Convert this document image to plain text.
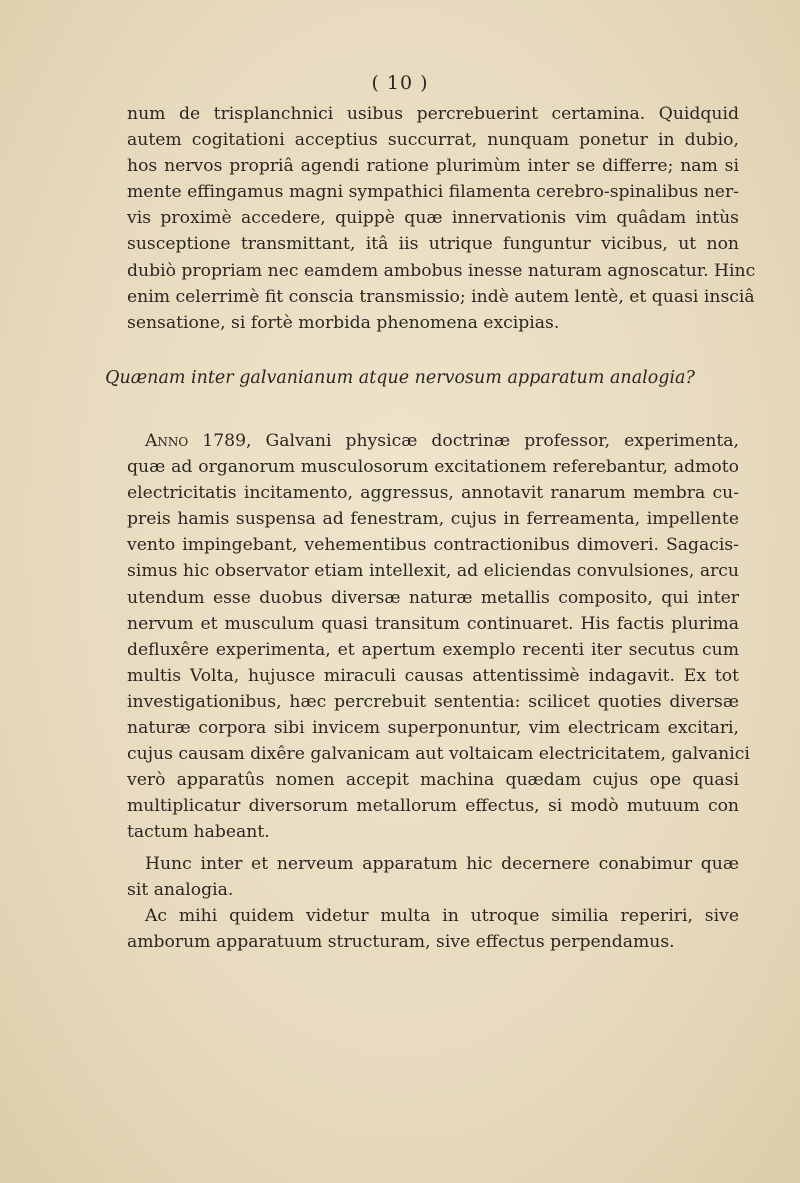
( 10 )
num de trisplanchnici usibus percrebuerint certamina. Quidquid
autem cogitationi acceptius succurrat, nunquam ponetur in dubio,
hos nervos propriâ agendi ratione plurimùm inter se differre; nam si
mente effingamus magni sympathici filamenta cerebro-spinalibus ner-
vis proximè accedere, quippè quæ innervationis vim quâdam intùs
susceptione transmittant, itâ iis utrique funguntur vicibus, ut non
dubiò propriam nec eamdem ambobus inesse naturam agnoscatur. Hinc
enim celerrimè fit conscia transmissio; indè autem lentè, et quasi insciâ
sensatione, si fortè morbida phenomena excipias.
Quænam inter galvanianum atque nervosum apparatum analogia?
Anno 1789, Galvani physicæ doctrinæ professor, experimenta,
quæ ad organorum musculosorum excitationem referebantur, admoto
electricitatis incitamento, aggressus, annotavit ranarum membra cu-
preis hamis suspensa ad fenestram, cujus in ferreamenta, impellente
vento impingebant, vehementibus contractionibus dimoveri. Sagacis-
simus hic observator etiam intellexit, ad eliciendas convulsiones, arcu
utendum esse duobus diversæ naturæ metallis composito, qui inter
nervum et musculum quasi transitum continuaret. His factis plurima
defluxêre experimenta, et apertum exemplo recenti iter secutus cum
multis Volta, hujusce miraculi causas attentissimè indagavit. Ex tot
investigationibus, hæc percrebuit sententia: scilicet quoties diversæ
naturæ corpora sibi invicem superponuntur, vim electricam excitari,
cujus causam dixêre galvanicam aut voltaicam electricitatem, galvanici
verò apparatûs nomen accepit machina quædam cujus ope quasi
multiplicatur diversorum metallorum effectus, si modò mutuum con
tactum habeant.
Hunc inter et nerveum apparatum hic decernere conabimur quæ
sit analogia.
Ac mihi quidem videtur multa in utroque similia reperiri, sive
amborum apparatuum structuram, sive effectus perpendamus.
